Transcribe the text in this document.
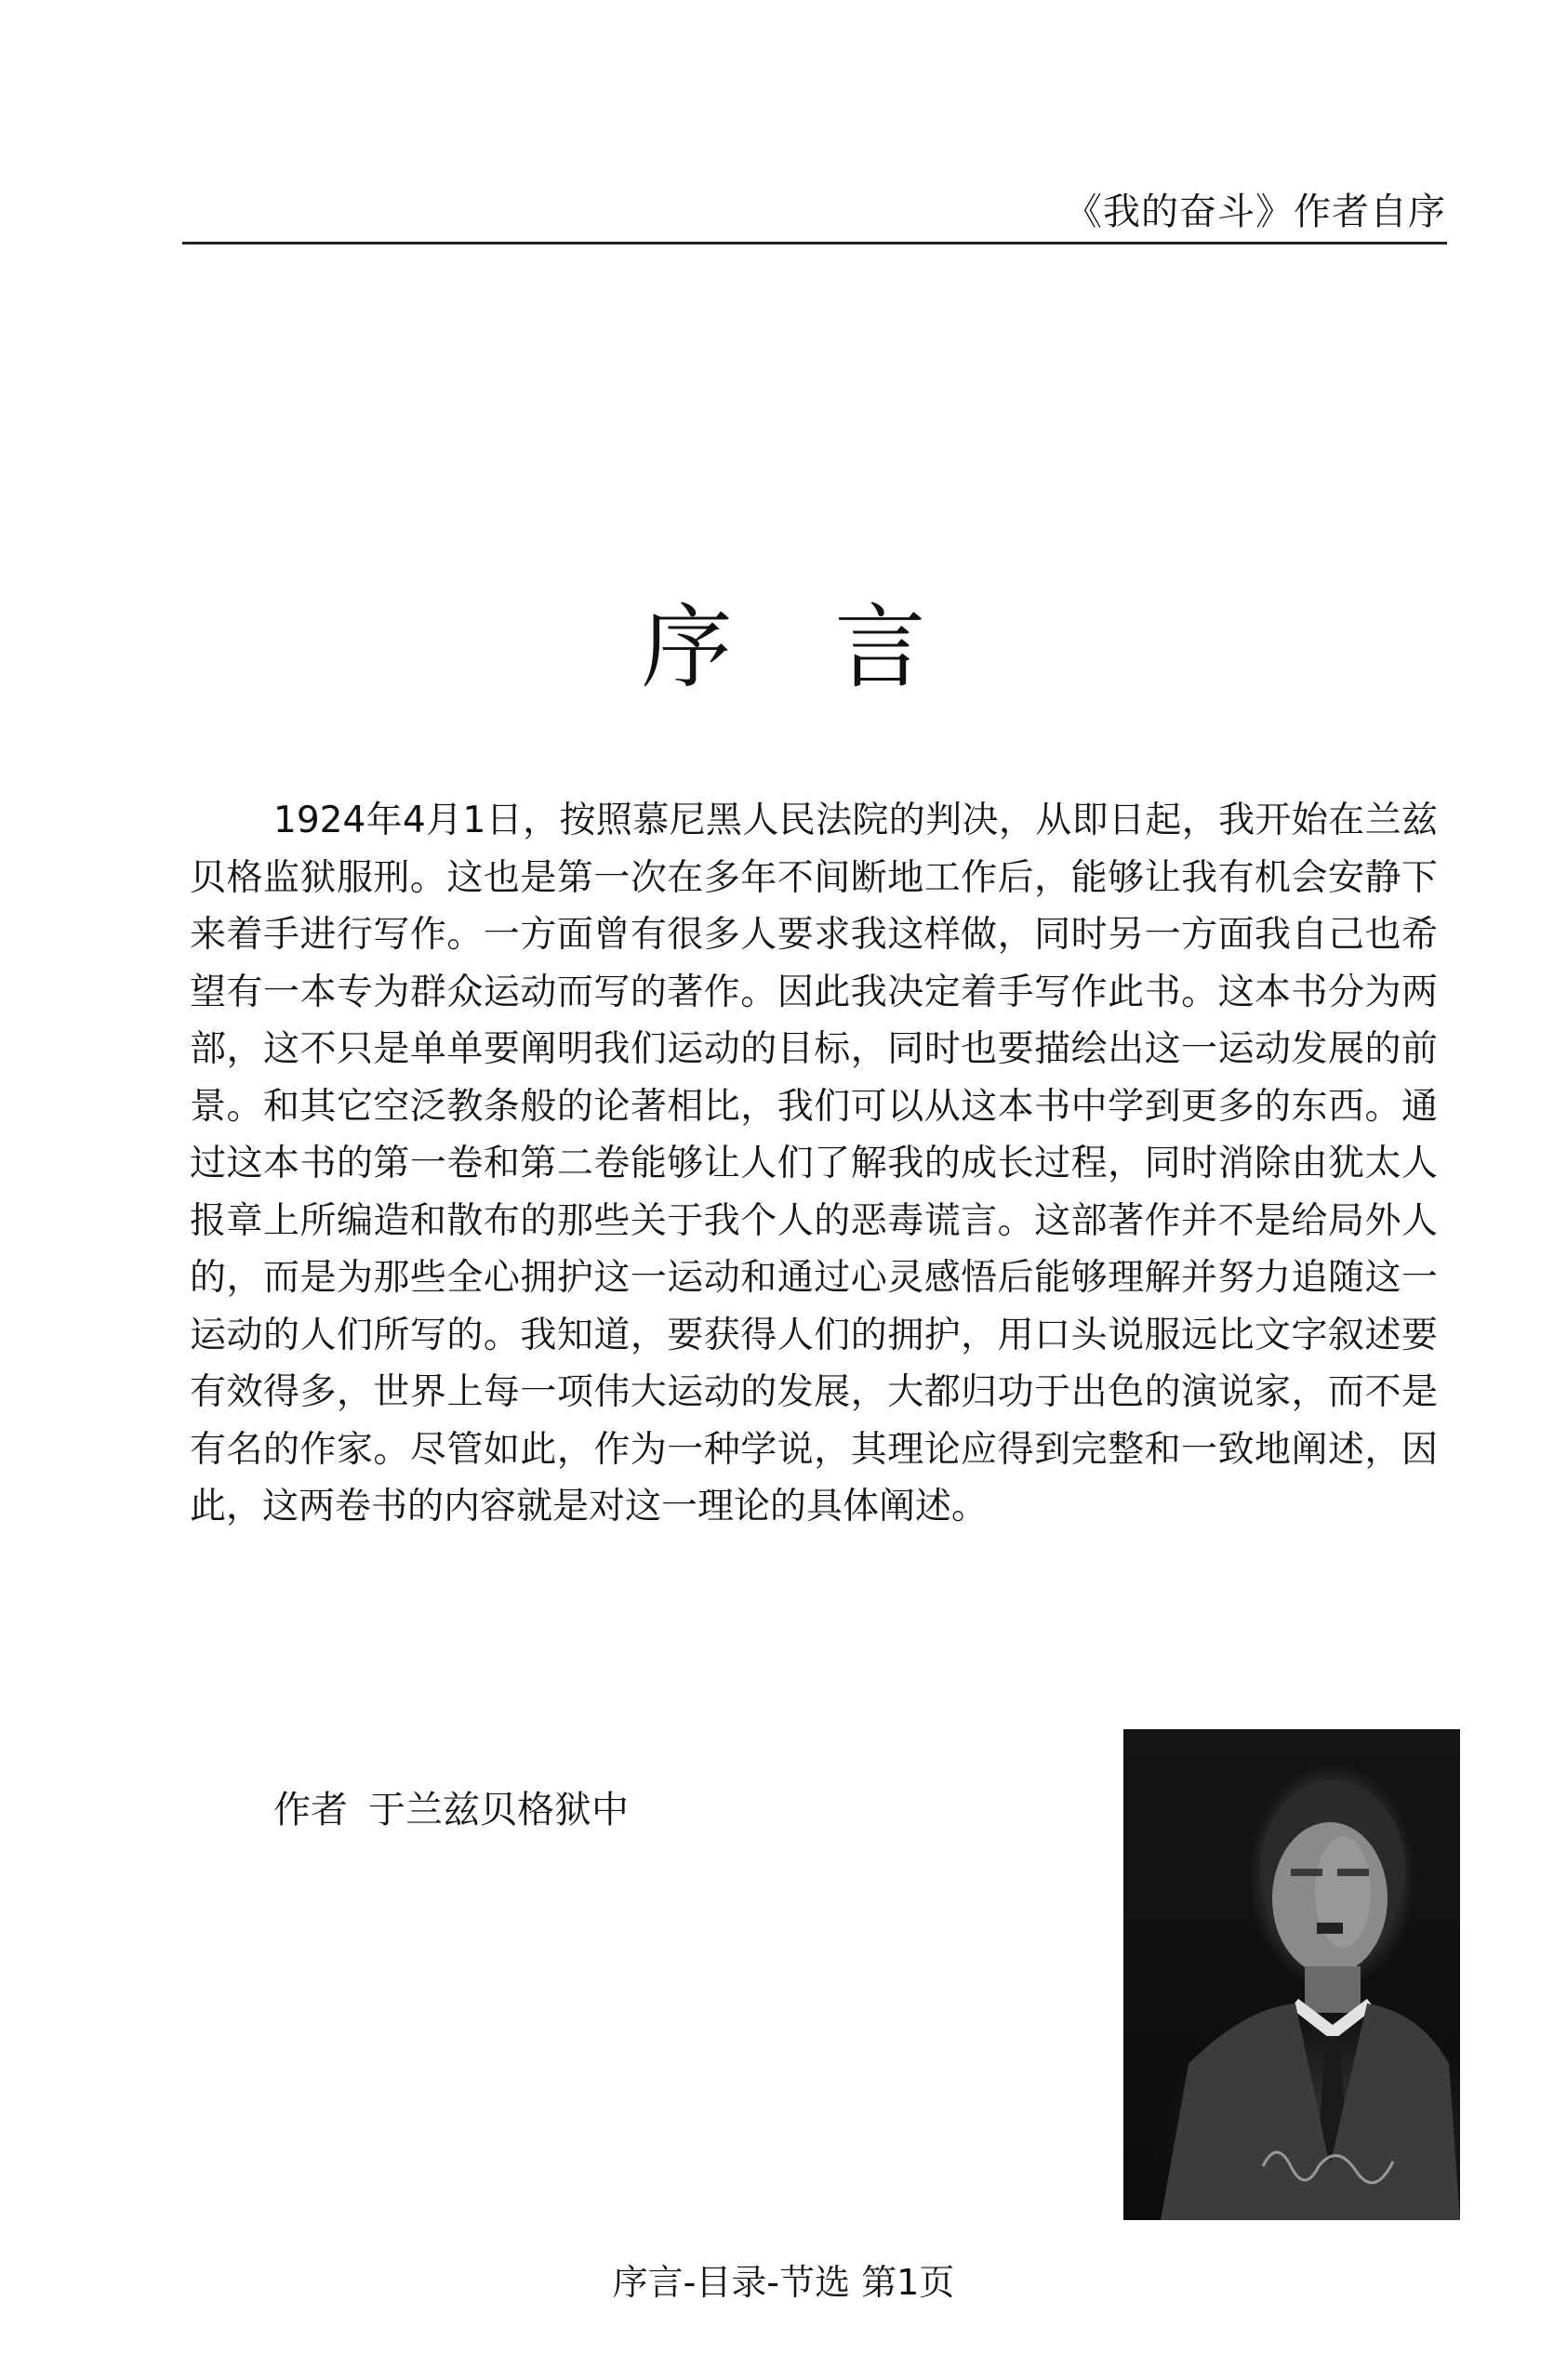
《我的奋斗》作者自序
序言

1924年4月1日，按照慕尼黑人民法院的判决，从即日起，我开始在兰兹贝格监狱服刑。这也是第一次在多年不间断地工作后，能够让我有机会安静下来着手进行写作。一方面曾有很多人要求我这样做，同时另一方面我自己也希望有一本专为群众运动而写的著作。因此我决定着手写作此书。这本书分为两部，这不只是单单要阐明我们运动的目标，同时也要描绘出这一运动发展的前景。和其它空泛教条般的论著相比，我们可以从这本书中学到更多的东西。通过这本书的第一卷和第二卷能够让人们了解我的成长过程，同时消除由犹太人报章上所编造和散布的那些关于我个人的恶毒谎言。这部著作并不是给局外人的，而是为那些全心拥护这一运动和通过心灵感悟后能够理解并努力追随这一运动的人们所写的。我知道，要获得人们的拥护，用口头说服远比文字叙述要有效得多，世界上每一项伟大运动的发展，大都归功于出色的演说家，而不是有名的作家。尽管如此，作为一种学说，其理论应得到完整和一致地阐述，因此，这两卷书的内容就是对这一理论的具体阐述。

作者 于兰兹贝格狱中
序言-目录-节选 第1页
